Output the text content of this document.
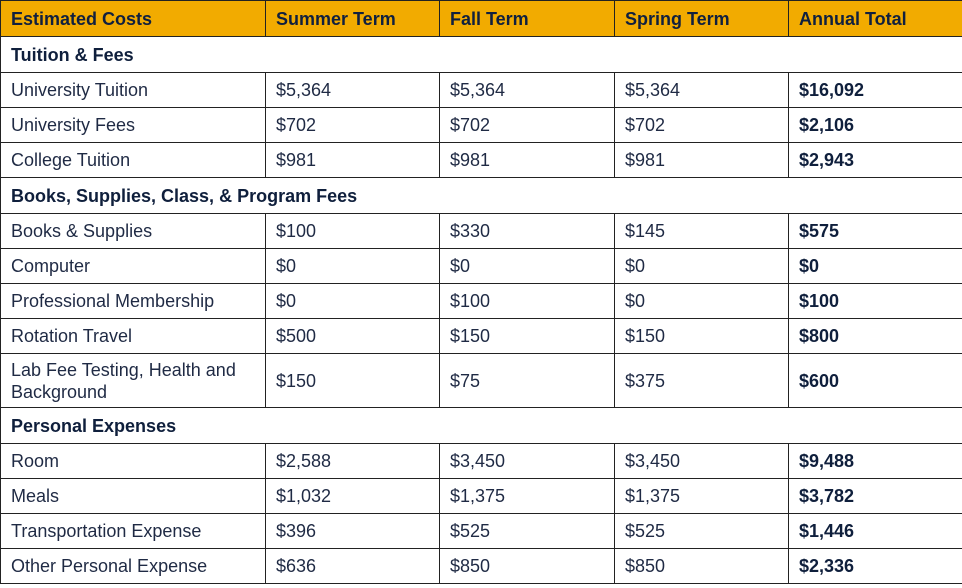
Estimated Costs	Summer Term	Fall Term	Spring Term	Annual Total
Tuition & Fees				
University Tuition	$5,364	$5,364	$5,364	$16,092
University Fees	$702	$702	$702	$2,106
College Tuition	$981	$981	$981	$2,943
Books, Supplies, Class, & Program Fees				
Books & Supplies	$100	$330	$145	$575
Computer	$0	$0	$0	$0
Professional Membership	$0	$100	$0	$100
Rotation Travel	$500	$150	$150	$800
Lab Fee Testing, Health and Background	$150	$75	$375	$600
Personal Expenses				
Room	$2,588	$3,450	$3,450	$9,488
Meals	$1,032	$1,375	$1,375	$3,782
Transportation Expense	$396	$525	$525	$1,446
Other Personal Expense	$636	$850	$850	$2,336
